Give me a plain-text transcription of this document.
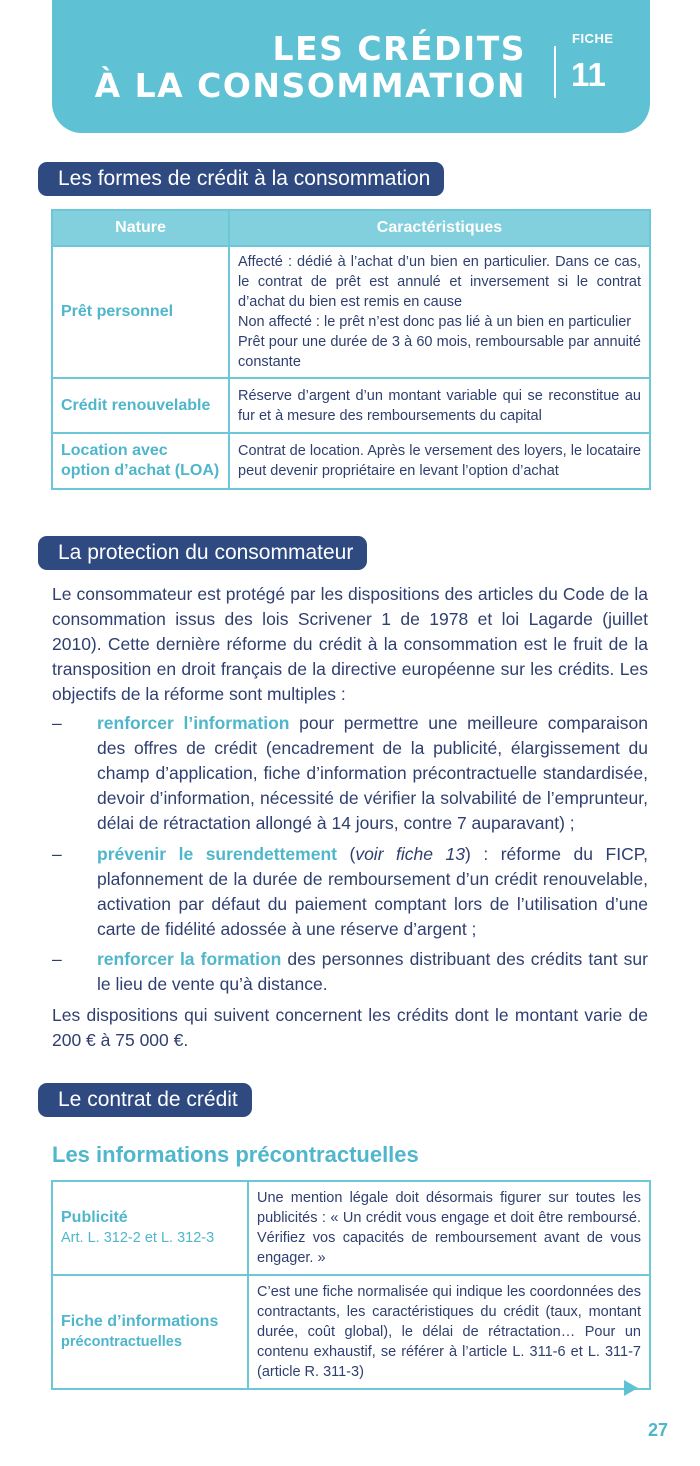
LES CRÉDITS
À LA CONSOMMATION
FICHE
11
Les formes de crédit à la consommation
Nature	Caractéristiques
Prêt personnel	Affecté : dédié à l’achat d’un bien en particulier. Dans ce cas, le contrat de prêt est annulé et inversement si le contrat d’achat du bien est remis en cause
Non affecté : le prêt n’est donc pas lié à un bien en particulier
Prêt pour une durée de 3 à 60 mois, remboursable par annuité constante

Crédit renouvelable	Réserve d’argent d’un montant variable qui se reconstitue au fur et à mesure des remboursements du capital

Location avec option d’achat (LOA)	Contrat de location. Après le versement des loyers, le locataire peut devenir propriétaire en levant l’option d’achat
La protection du consommateur

Le consommateur est protégé par les dispositions des articles du Code de la consommation issus des lois Scrivener 1 de 1978 et loi Lagarde (juillet 2010). Cette dernière réforme du crédit à la consommation est le fruit de la transposition en droit français de la directive européenne sur les crédits. Les objectifs de la réforme sont multiples :

–	renforcer l’information pour permettre une meilleure comparaison des offres de crédit (encadrement de la publicité, élargissement du champ d’application, fiche d’information précontractuelle standardisée, devoir d’information, nécessité de vérifier la solvabilité de l’emprunteur, délai de rétractation allongé à 14 jours, contre 7 auparavant) ;
–	prévenir le surendettement (voir fiche 13) : réforme du FICP, plafonnement de la durée de remboursement d’un crédit renouvelable, activation par défaut du paiement comptant lors de l’utilisation d’une carte de fidélité adossée à une réserve d’argent ;
–	renforcer la formation des personnes distribuant des crédits tant sur le lieu de vente qu’à distance.

Les dispositions qui suivent concernent les crédits dont le montant varie de 200 € à 75 000 €.

Le contrat de crédit
Les informations précontractuelles
Publicité
Art. L. 312-2 et L. 312-3	Une mention légale doit désormais figurer sur toutes les publicités : « Un crédit vous engage et doit être remboursé. Vérifiez vos capacités de remboursement avant de vous engager. »
Fiche d’informations
précontractuelles	C’est une fiche normalisée qui indique les coordonnées des contractants, les caractéristiques du crédit (taux, montant durée, coût global), le délai de rétractation… Pour un contenu exhaustif, se référer à l’article L. 311-6 et L. 311-7 (article R. 311-3)
27
